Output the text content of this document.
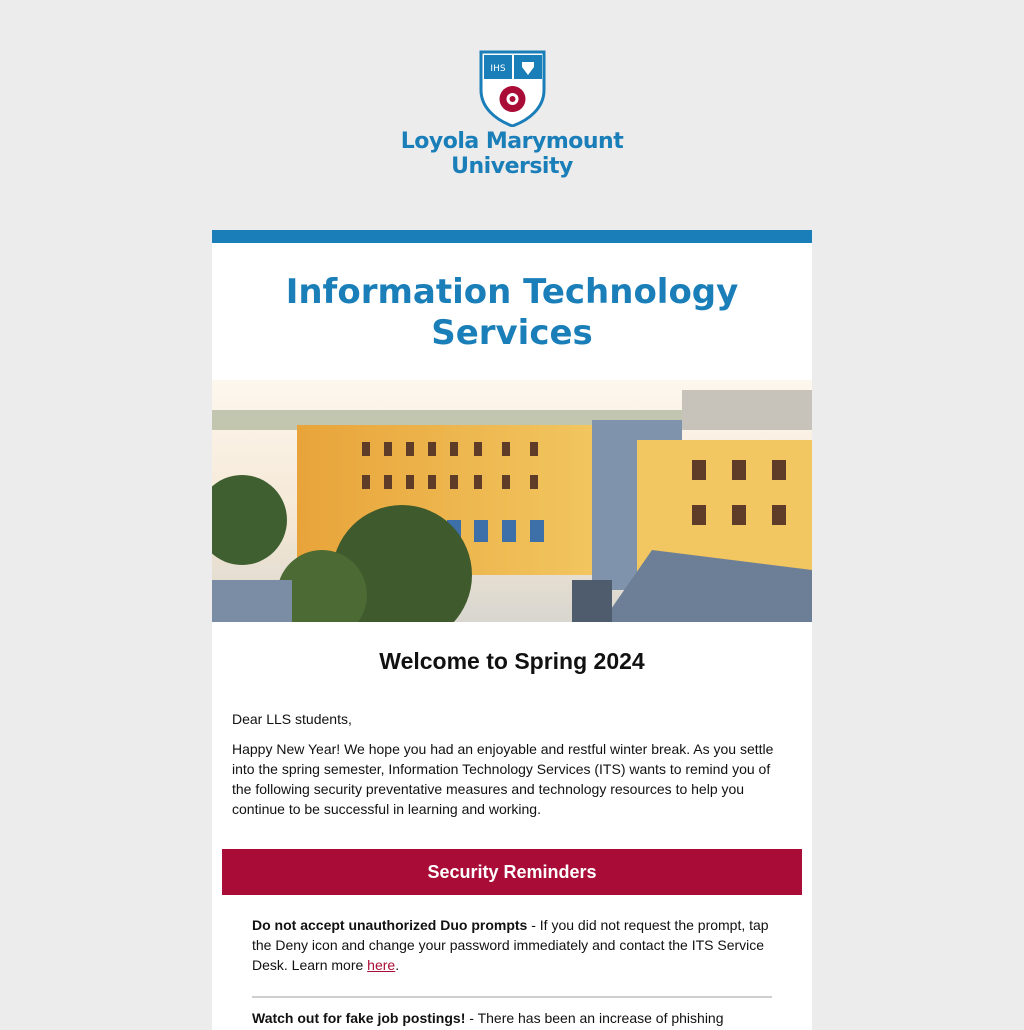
IHS
Loyola Marymount
University
Information Technology Services
Welcome to Spring 2024

Dear LLS students,

Happy New Year! We hope you had an enjoyable and restful winter break. As you settle into the spring semester, Information Technology Services (ITS) wants to remind you of the following security preventative measures and technology resources to help you continue to be successful in learning and working.

Security Reminders

Do not accept unauthorized Duo prompts - If you did not request the prompt, tap the Deny icon and change your password immediately and contact the ITS Service Desk. Learn more here.

Watch out for fake job postings! - There has been an increase of phishing
